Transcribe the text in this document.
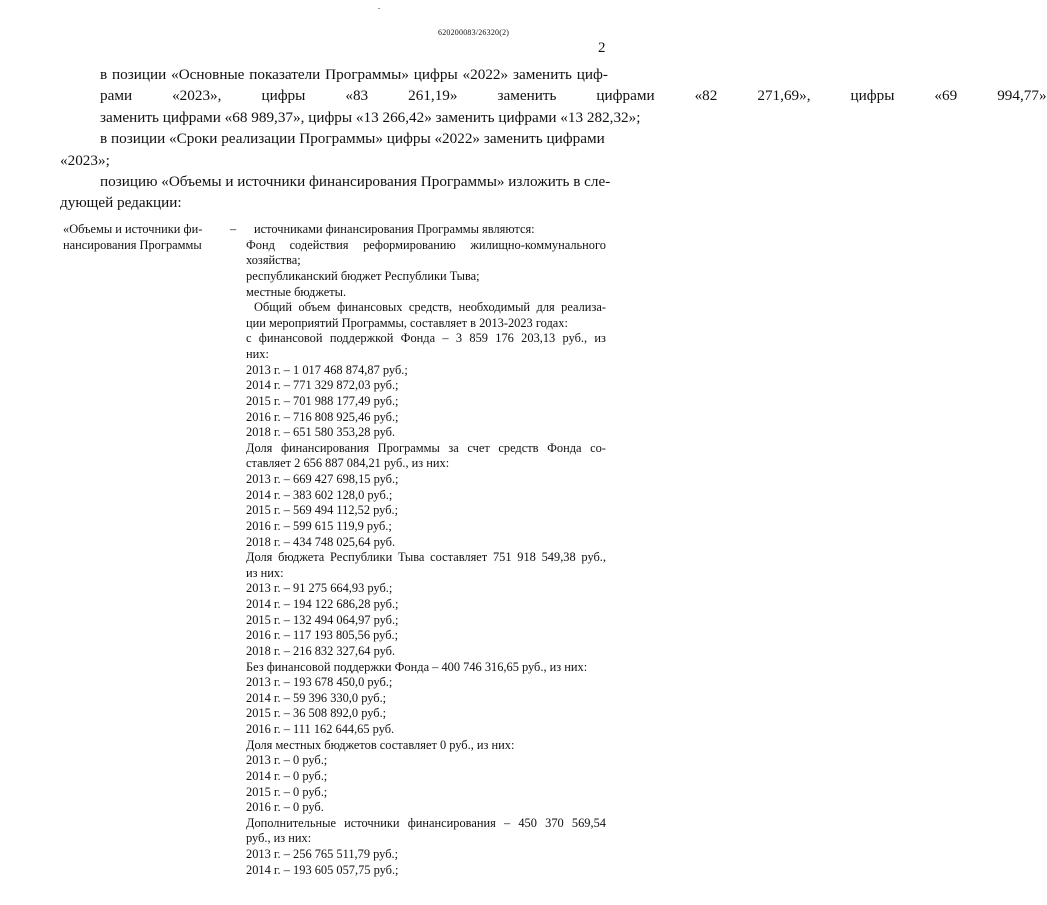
620200083/26320(2)
2

в позиции «Основные показатели Программы» цифры «2022» заменить циф-
рами	«2023»,	цифры	«83	261,19»	заменить	цифрами	«82	271,69»,	цифры	«69	994,77»
заменить цифрами «68 989,37», цифры «13 266,42» заменить цифрами «13 282,32»;

в позиции «Сроки реализации Программы» цифры «2022» заменить цифрами
«2023»;

позицию «Объемы и источники финансирования Программы» изложить в сле-
дующей редакции:

«Объемы и источники фи-
нансирования Программы
–	источниками финансирования Программы являются:
Фонд содействия реформированию жилищно-коммунального
хозяйства;
республиканский бюджет Республики Тыва;
местные бюджеты.
Общий объем финансовых средств, необходимый для реализа-
ции мероприятий Программы, составляет в 2013-2023 годах:
с финансовой поддержкой Фонда – 3 859 176 203,13 руб., из
них:
2013 г. – 1 017 468 874,87 руб.;
2014 г. – 771 329 872,03 руб.;
2015 г. – 701 988 177,49 руб.;
2016 г. – 716 808 925,46 руб.;
2018 г. – 651 580 353,28 руб.
Доля финансирования Программы за счет средств Фонда со-
ставляет 2 656 887 084,21 руб., из них:
2013 г. – 669 427 698,15 руб.;
2014 г. – 383 602 128,0 руб.;
2015 г. – 569 494 112,52 руб.;
2016 г. – 599 615 119,9 руб.;
2018 г. – 434 748 025,64 руб.
Доля бюджета Республики Тыва составляет 751 918 549,38 руб.,
из них:
2013 г. – 91 275 664,93 руб.;
2014 г. – 194 122 686,28 руб.;
2015 г. – 132 494 064,97 руб.;
2016 г. – 117 193 805,56 руб.;
2018 г. – 216 832 327,64 руб.
Без финансовой поддержки Фонда – 400 746 316,65 руб., из них:
2013 г. – 193 678 450,0 руб.;
2014 г. – 59 396 330,0 руб.;
2015 г. – 36 508 892,0 руб.;
2016 г. – 111 162 644,65 руб.
Доля местных бюджетов составляет 0 руб., из них:
2013 г. – 0 руб.;
2014 г. – 0 руб.;
2015 г. – 0 руб.;
2016 г. – 0 руб.
Дополнительные источники финансирования – 450 370 569,54
руб., из них:
2013 г. – 256 765 511,79 руб.;
2014 г. – 193 605 057,75 руб.;
